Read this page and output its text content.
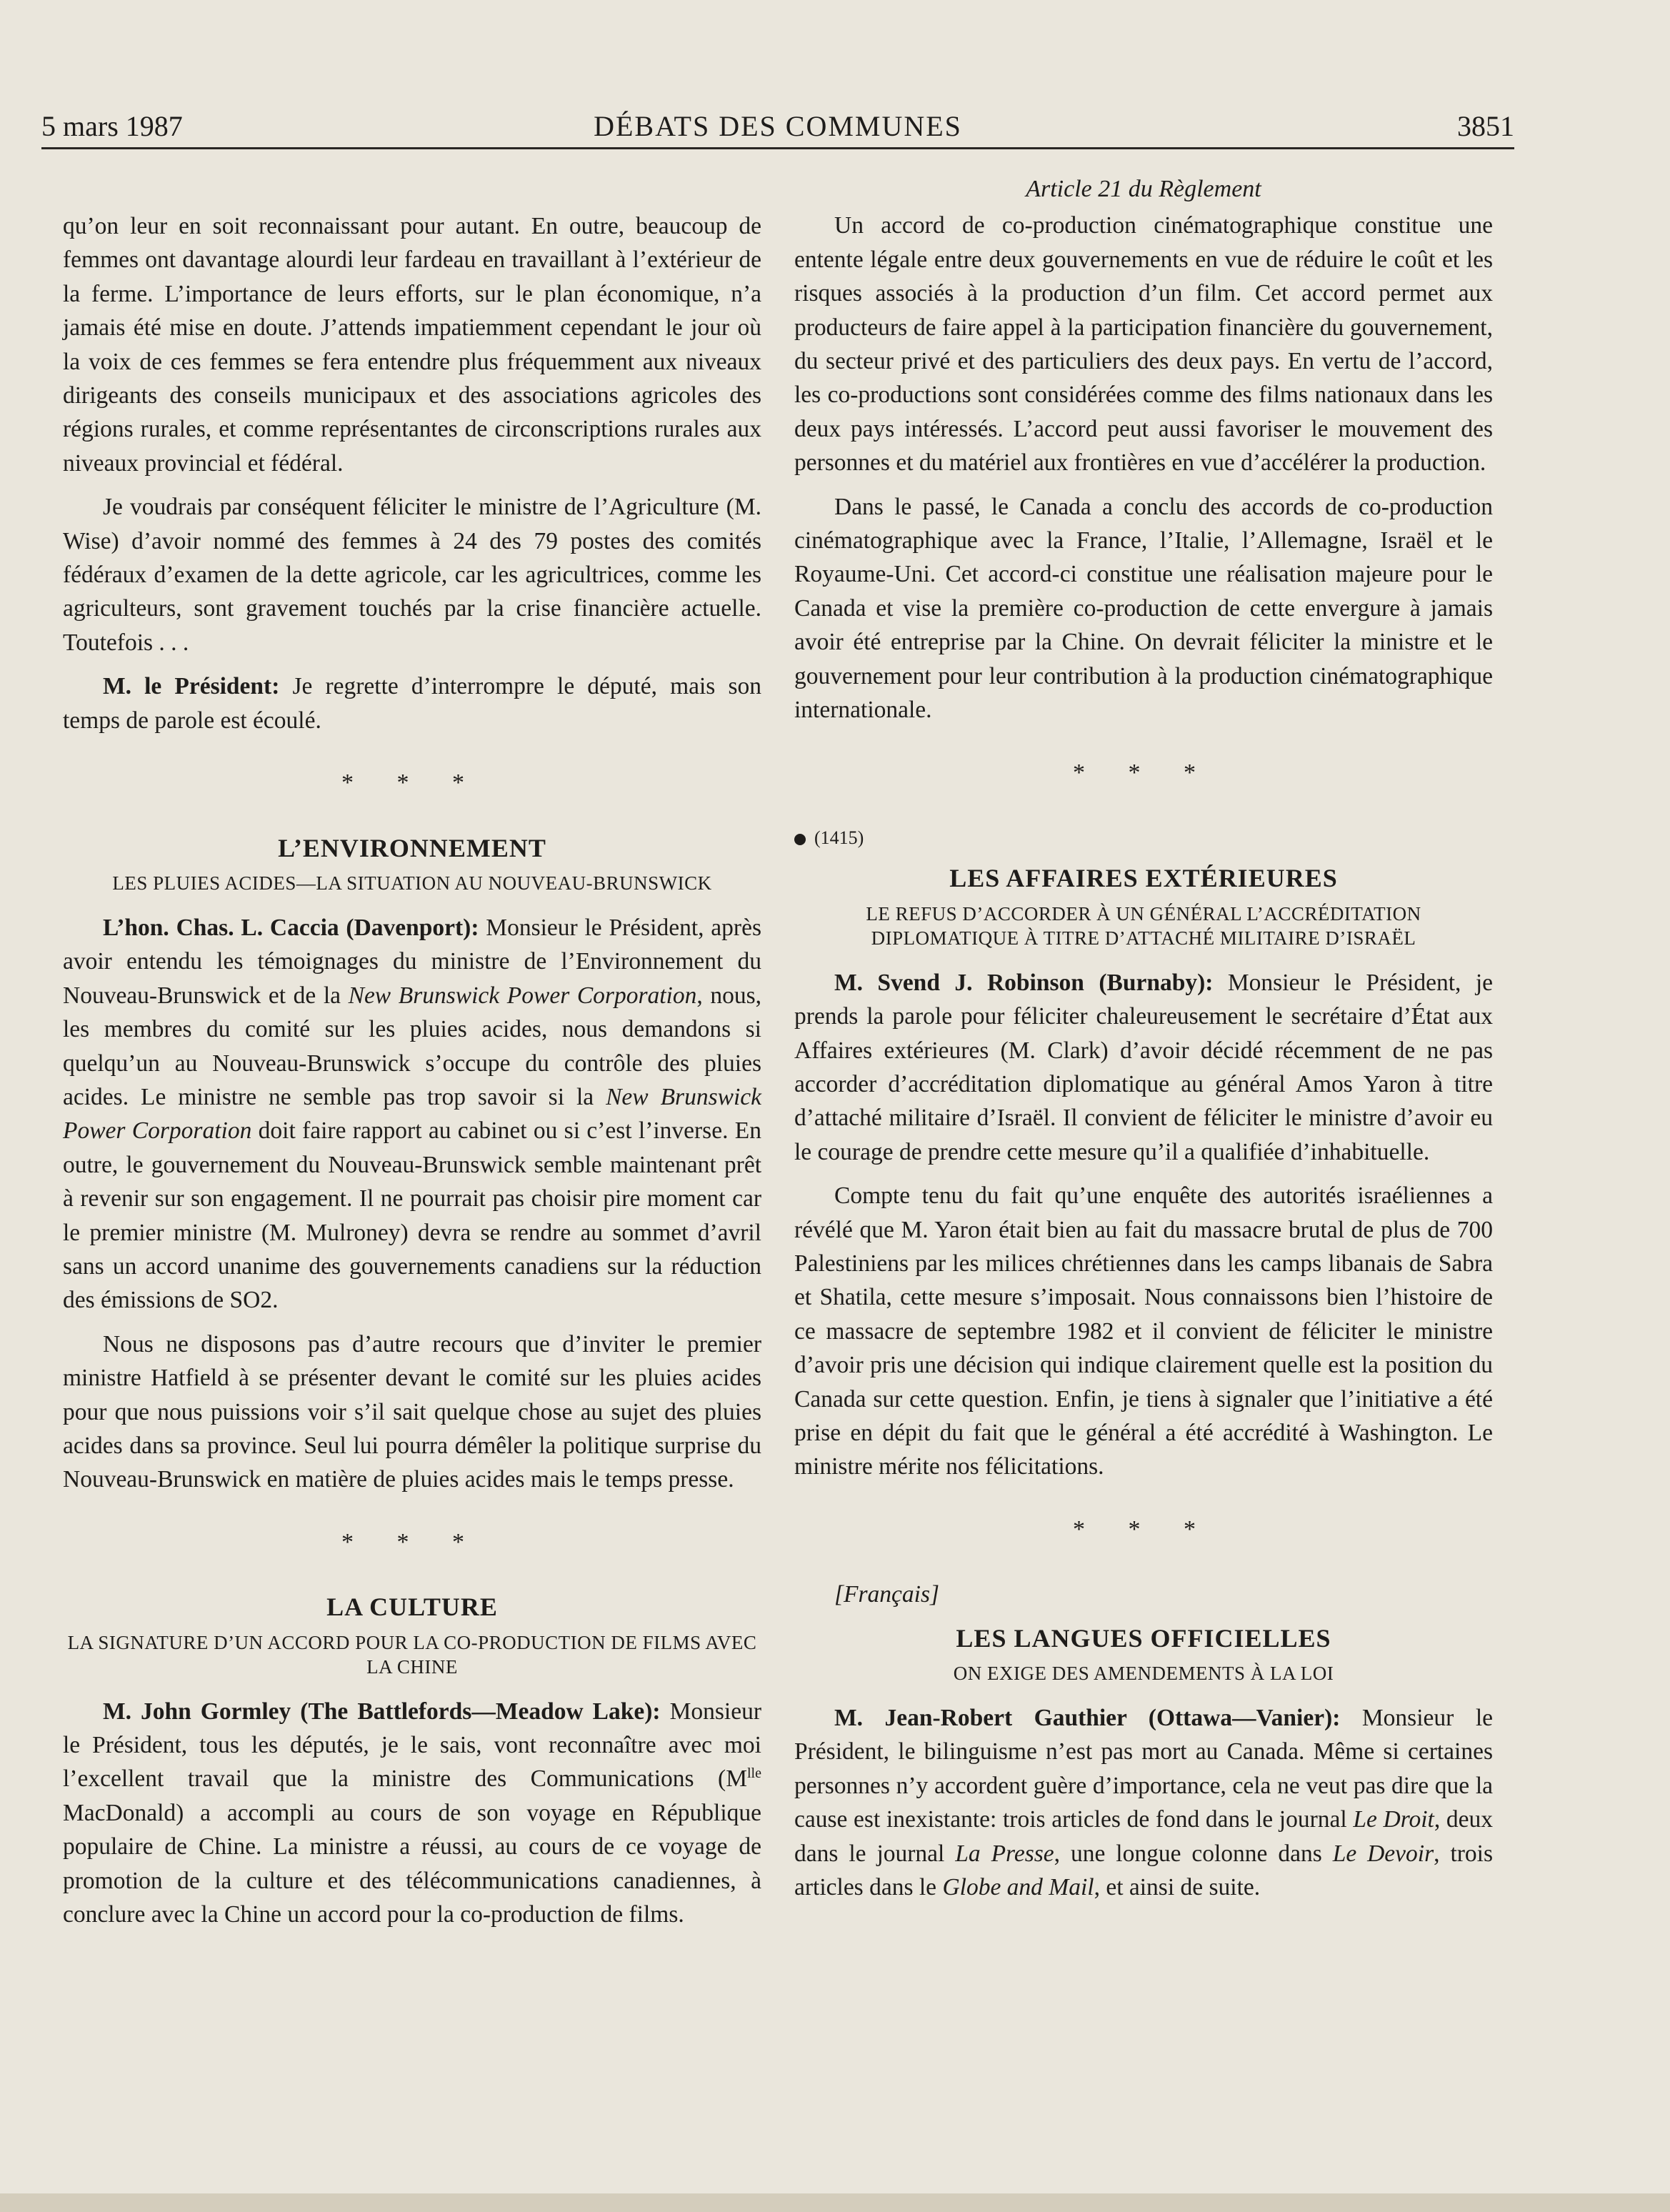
5 mars 1987	DÉBATS DES COMMUNES	3851

qu’on leur en soit reconnaissant pour autant. En outre, beaucoup de femmes ont davantage alourdi leur fardeau en travaillant à l’extérieur de la ferme. L’importance de leurs efforts, sur le plan économique, n’a jamais été mise en doute. J’attends impatiemment cependant le jour où la voix de ces femmes se fera entendre plus fréquemment aux niveaux dirigeants des conseils municipaux et des associations agricoles des régions rurales, et comme représentantes de circonscriptions rurales aux niveaux provincial et fédéral.

Je voudrais par conséquent féliciter le ministre de l’Agriculture (M. Wise) d’avoir nommé des femmes à 24 des 79 postes des comités fédéraux d’examen de la dette agricole, car les agricultrices, comme les agriculteurs, sont gravement touchés par la crise financière actuelle. Toutefois . . .

M. le Président: Je regrette d’interrompre le député, mais son temps de parole est écoulé.

* * *
L’ENVIRONNEMENT
LES PLUIES ACIDES—LA SITUATION AU NOUVEAU-BRUNSWICK

L’hon. Chas. L. Caccia (Davenport): Monsieur le Président, après avoir entendu les témoignages du ministre de l’Environnement du Nouveau-Brunswick et de la New Brunswick Power Corporation, nous, les membres du comité sur les pluies acides, nous demandons si quelqu’un au Nouveau-Brunswick s’occupe du contrôle des pluies acides. Le ministre ne semble pas trop savoir si la New Brunswick Power Corporation doit faire rapport au cabinet ou si c’est l’inverse. En outre, le gouvernement du Nouveau-Brunswick semble maintenant prêt à revenir sur son engagement. Il ne pourrait pas choisir pire moment car le premier ministre (M. Mulroney) devra se rendre au sommet d’avril sans un accord unanime des gouvernements canadiens sur la réduction des émissions de SO2.

Nous ne disposons pas d’autre recours que d’inviter le premier ministre Hatfield à se présenter devant le comité sur les pluies acides pour que nous puissions voir s’il sait quelque chose au sujet des pluies acides dans sa province. Seul lui pourra démêler la politique surprise du Nouveau-Brunswick en matière de pluies acides mais le temps presse.

* * *
LA CULTURE
LA SIGNATURE D’UN ACCORD POUR LA CO-PRODUCTION DE FILMS AVEC LA CHINE

M. John Gormley (The Battlefords—Meadow Lake): Monsieur le Président, tous les députés, je le sais, vont reconnaître avec moi l’excellent travail que la ministre des Communications ($M^{lle}$ MacDonald) a accompli au cours de son voyage en République populaire de Chine. La ministre a réussi, au cours de ce voyage de promotion de la culture et des télécommunications canadiennes, à conclure avec la Chine un accord pour la co-production de films.

Article 21 du Règlement

Un accord de co-production cinématographique constitue une entente légale entre deux gouvernements en vue de réduire le coût et les risques associés à la production d’un film. Cet accord permet aux producteurs de faire appel à la participation financière du gouvernement, du secteur privé et des particuliers des deux pays. En vertu de l’accord, les co-productions sont considérées comme des films nationaux dans les deux pays intéressés. L’accord peut aussi favoriser le mouvement des personnes et du matériel aux frontières en vue d’accélérer la production.

Dans le passé, le Canada a conclu des accords de co-production cinématographique avec la France, l’Italie, l’Allemagne, Israël et le Royaume-Uni. Cet accord-ci constitue une réalisation majeure pour le Canada et vise la première co-production de cette envergure à jamais avoir été entreprise par la Chine. On devrait féliciter la ministre et le gouvernement pour leur contribution à la production cinématographique internationale.

* * *
(1415)
LES AFFAIRES EXTÉRIEURES
LE REFUS D’ACCORDER À UN GÉNÉRAL L’ACCRÉDITATION DIPLOMATIQUE À TITRE D’ATTACHÉ MILITAIRE D’ISRAËL

M. Svend J. Robinson (Burnaby): Monsieur le Président, je prends la parole pour féliciter chaleureusement le secrétaire d’État aux Affaires extérieures (M. Clark) d’avoir décidé récemment de ne pas accorder d’accréditation diplomatique au général Amos Yaron à titre d’attaché militaire d’Israël. Il convient de féliciter le ministre d’avoir eu le courage de prendre cette mesure qu’il a qualifiée d’inhabituelle.

Compte tenu du fait qu’une enquête des autorités israéliennes a révélé que M. Yaron était bien au fait du massacre brutal de plus de 700 Palestiniens par les milices chrétiennes dans les camps libanais de Sabra et Shatila, cette mesure s’imposait. Nous connaissons bien l’histoire de ce massacre de septembre 1982 et il convient de féliciter le ministre d’avoir pris une décision qui indique clairement quelle est la position du Canada sur cette question. Enfin, je tiens à signaler que l’initiative a été prise en dépit du fait que le général a été accrédité à Washington. Le ministre mérite nos félicitations.

* * *

[Français]

LES LANGUES OFFICIELLES
ON EXIGE DES AMENDEMENTS À LA LOI

M. Jean-Robert Gauthier (Ottawa—Vanier): Monsieur le Président, le bilinguisme n’est pas mort au Canada. Même si certaines personnes n’y accordent guère d’importance, cela ne veut pas dire que la cause est inexistante: trois articles de fond dans le journal Le Droit, deux dans le journal La Presse, une longue colonne dans Le Devoir, trois articles dans le Globe and Mail, et ainsi de suite.
